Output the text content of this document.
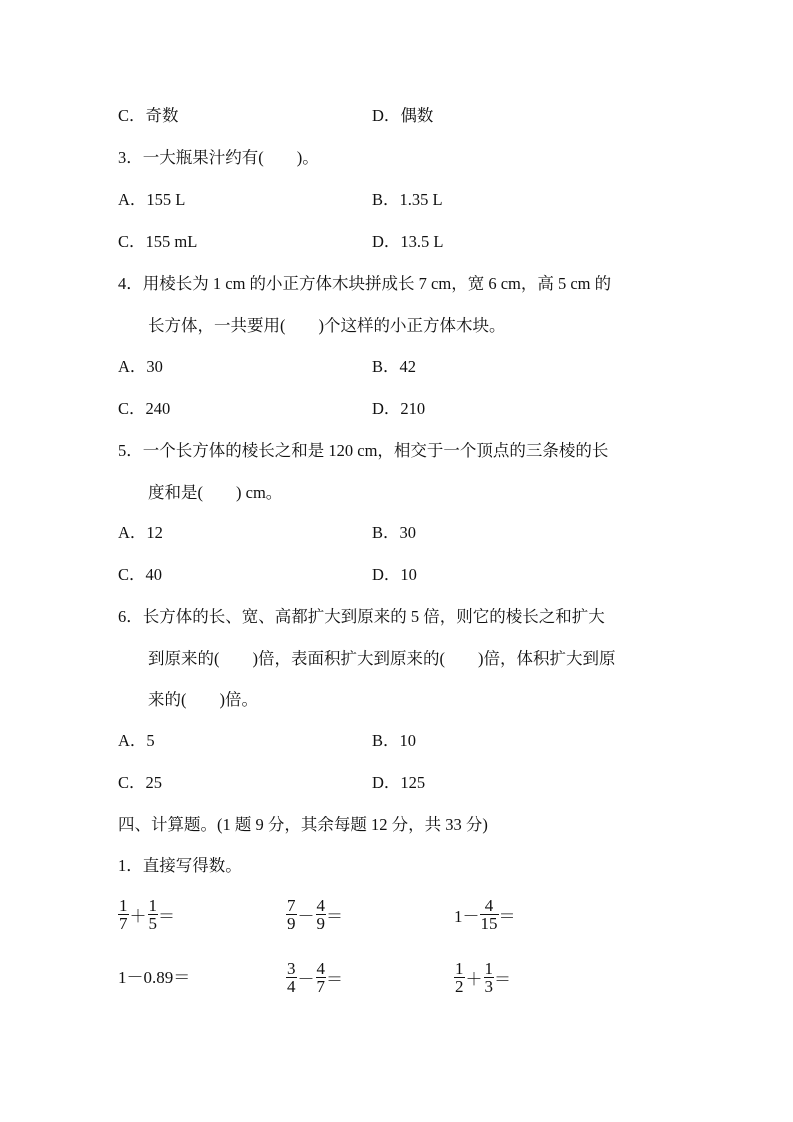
C．奇数	D．偶数
3．一大瓶果汁约有(　　)。
A．155 L	B．1.35 L
C．155 mL	D．13.5 L
4．用棱长为 1 cm 的小正方体木块拼成长 7 cm，宽 6 cm，高 5 cm 的
长方体，一共要用(　　)个这样的小正方体木块。
A．30	B．42
C．240	D．210
5．一个长方体的棱长之和是 120 cm，相交于一个顶点的三条棱的长
度和是(　　) cm。
A．12	B．30
C．40	D．10
6．长方体的长、宽、高都扩大到原来的 5 倍，则它的棱长之和扩大
到原来的(　　)倍，表面积扩大到原来的(　　)倍，体积扩大到原
来的(　　)倍。
A．5	B．10
C．25	D．125
四、计算题。(1 题 9 分，其余每题 12 分，共 33 分)
1．直接写得数。
$\frac{1}{7} + \frac{1}{5}$ ＝	$\frac{7}{9} - \frac{4}{9}$ ＝	$1- \frac{4}{15}$ ＝
1－0.89＝	$\frac{3}{4} - \frac{4}{7}$ ＝	$\frac{1}{2} + \frac{1}{3}$ ＝
